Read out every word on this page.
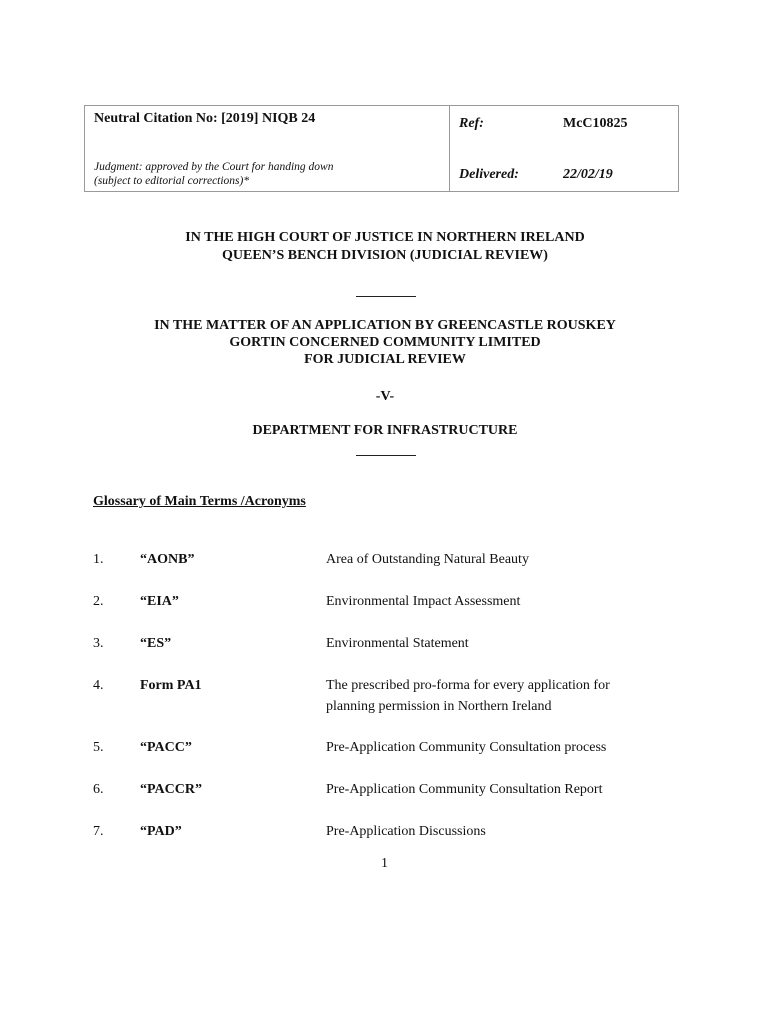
Neutral Citation No: [2019] NIQB 24
Judgment: approved by the Court for handing down
(subject to editorial corrections)*
Ref:	McC10825
Delivered:	22/02/19
IN THE HIGH COURT OF JUSTICE IN NORTHERN IRELAND
QUEEN’S BENCH DIVISION (JUDICIAL REVIEW)
IN THE MATTER OF AN APPLICATION BY GREENCASTLE ROUSKEY
GORTIN CONCERNED COMMUNITY LIMITED
FOR JUDICIAL REVIEW
-V-
DEPARTMENT FOR INFRASTRUCTURE
Glossary of Main Terms /Acronyms
1.	“AONB”	Area of Outstanding Natural Beauty
2.	“EIA”	Environmental Impact Assessment
3.	“ES”	Environmental Statement
4.	Form PA1	The prescribed pro-forma for every application for
planning permission in Northern Ireland
5.	“PACC”	Pre-Application Community Consultation process
6.	“PACCR”	Pre-Application Community Consultation Report
7.	“PAD”	Pre-Application Discussions
1
